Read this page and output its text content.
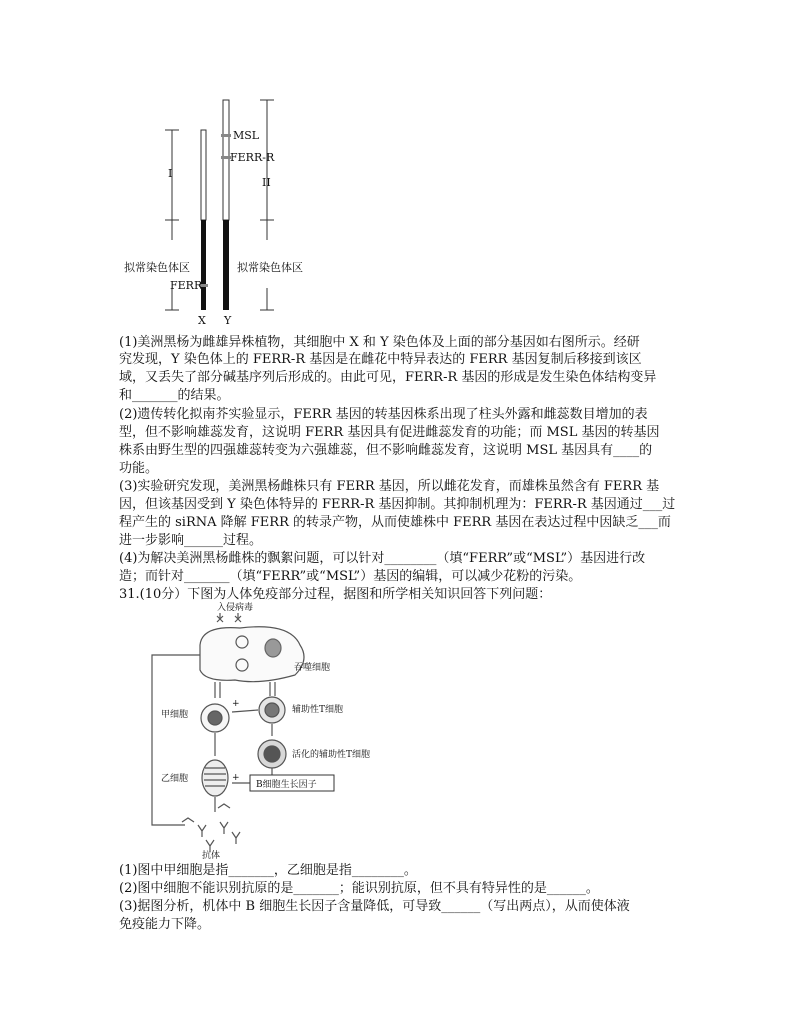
MSL
FERR-R
I
II
拟常染色体区	拟常染色体区
FERR
X Y
(1)美洲黑杨为雌雄异株植物，其细胞中 X 和 Y 染色体及上面的部分基因如右图所示。经研
究发现，Y 染色体上的 FERR-R 基因是在雌花中特异表达的 FERR 基因复制后移接到该区
域，又丢失了部分碱基序列后形成的。由此可见，FERR-R 基因的形成是发生染色体结构变异
和_______的结果。
(2)遗传转化拟南芥实验显示，FERR 基因的转基因株系出现了柱头外露和雌蕊数目增加的表
型，但不影响雄蕊发育，这说明 FERR 基因具有促进雌蕊发育的功能；而 MSL 基因的转基因
株系由野生型的四强雄蕊转变为六强雄蕊，但不影响雌蕊发育，这说明 MSL 基因具有____的
功能。
(3)实验研究发现，美洲黑杨雌株只有 FERR 基因，所以雌花发育，而雄株虽然含有 FERR 基
因，但该基因受到 Y 染色体特异的 FERR-R 基因抑制。其抑制机理为：FERR-R 基因通过___过
程产生的 siRNA 降解 FERR 的转录产物，从而使雄株中 FERR 基因在表达过程中因缺乏___而
进一步影响______过程。
(4)为解决美洲黑杨雌株的飘絮问题，可以针对________（填“FERR”或“MSL”）基因进行改
造；而针对_______（填“FERR”或“MSL”）基因的编辑，可以减少花粉的污染。
31.(10分）下图为人体免疫部分过程，据图和所学相关知识回答下列问题：
入侵病毒
吞噬细胞
辅助性T细胞
活化的辅助性T细胞
甲细胞
乙细胞
B细胞生长因子
抗体
+
+
(1)图中甲细胞是指_______，乙细胞是指________。
(2)图中细胞不能识别抗原的是_______；能识别抗原，但不具有特异性的是______。
(3)据图分析，机体中 B 细胞生长因子含量降低，可导致______（写出两点），从而使体液
免疫能力下降。
